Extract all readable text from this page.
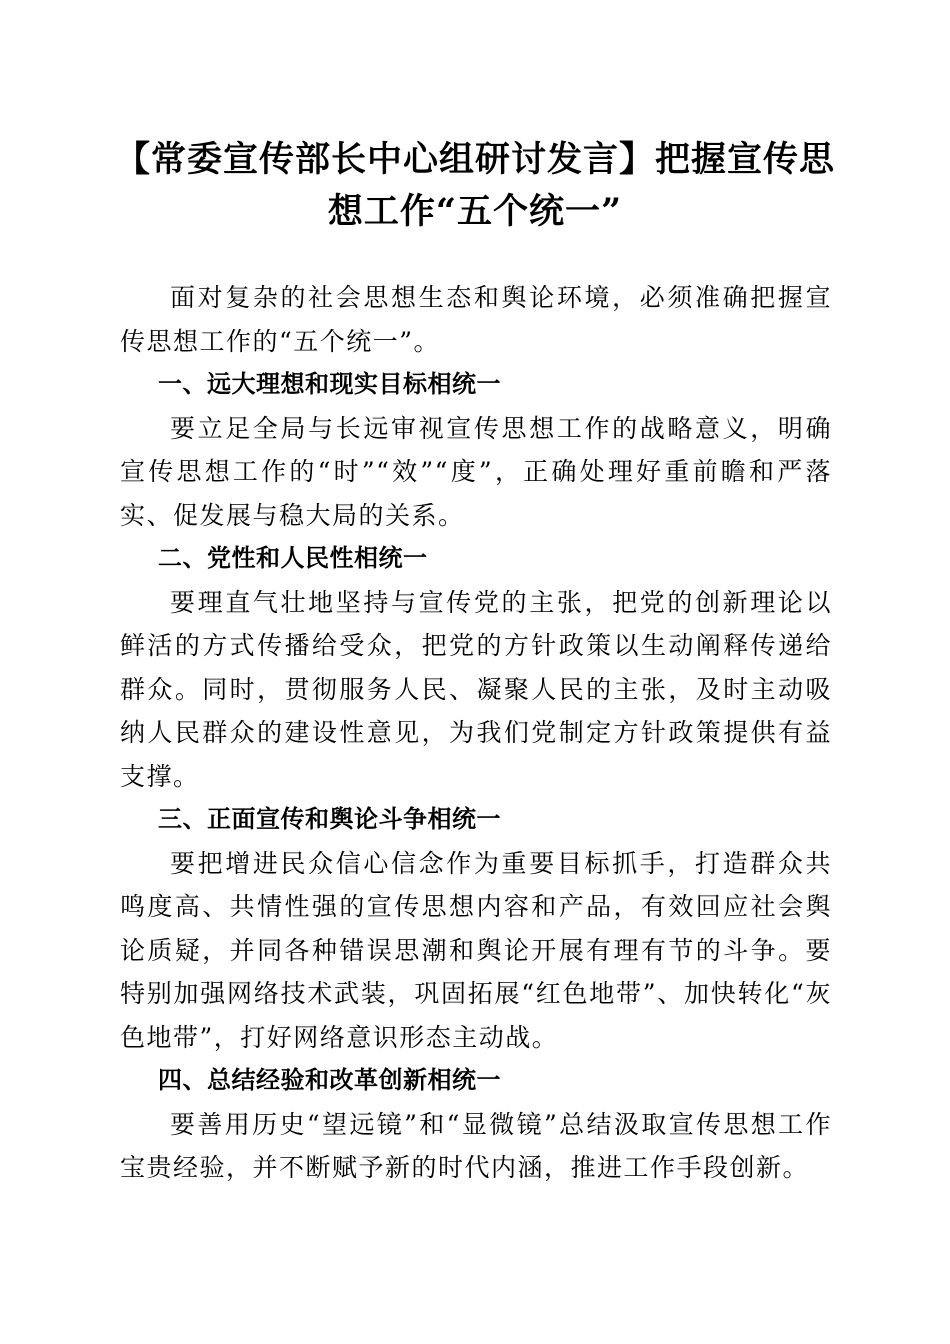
【常委宣传部长中心组研讨发言】把握宣传思
想工作“五个统一”

面对复杂的社会思想生态和舆论环境，必须准确把握宣传思想工作的“五个统一”。

一、远大理想和现实目标相统一

要立足全局与长远审视宣传思想工作的战略意义，明确宣传思想工作的“时”“效”“度”，正确处理好重前瞻和严落实、促发展与稳大局的关系。

二、党性和人民性相统一

要理直气壮地坚持与宣传党的主张，把党的创新理论以鲜活的方式传播给受众，把党的方针政策以生动阐释传递给群众。同时，贯彻服务人民、凝聚人民的主张，及时主动吸纳人民群众的建设性意见，为我们党制定方针政策提供有益支撑。

三、正面宣传和舆论斗争相统一

要把增进民众信心信念作为重要目标抓手，打造群众共鸣度高、共情性强的宣传思想内容和产品，有效回应社会舆论质疑，并同各种错误思潮和舆论开展有理有节的斗争。要特别加强网络技术武装，巩固拓展“红色地带”、加快转化“灰色地带”，打好网络意识形态主动战。

四、总结经验和改革创新相统一

要善用历史“望远镜”和“显微镜”总结汲取宣传思想工作宝贵经验，并不断赋予新的时代内涵，推进工作手段创新。
